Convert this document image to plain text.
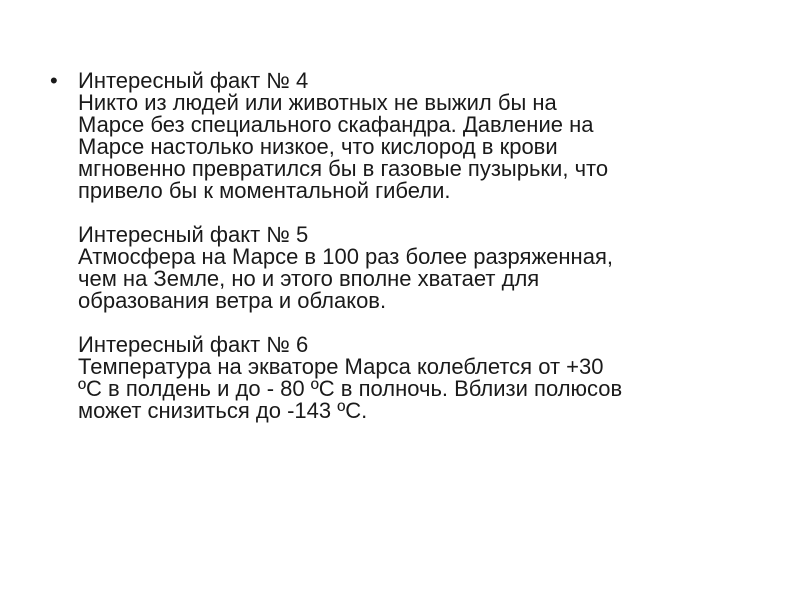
• Интересный факт № 4
Никто из людей или животных не выжил бы на
Марсе без специального скафандра. Давление на
Марсе настолько низкое, что кислород в крови
мгновенно превратился бы в газовые пузырьки, что
привело бы к моментальной гибели.

Интересный факт № 5
Атмосфера на Марсе в 100 раз более разряженная,
чем на Земле, но и этого вполне хватает для
образования ветра и облаков.

Интересный факт № 6
Температура на экваторе Марса колеблется от +30
ºC в полдень и до - 80 ºC в полночь. Вблизи полюсов
может снизиться до -143 ºC.
